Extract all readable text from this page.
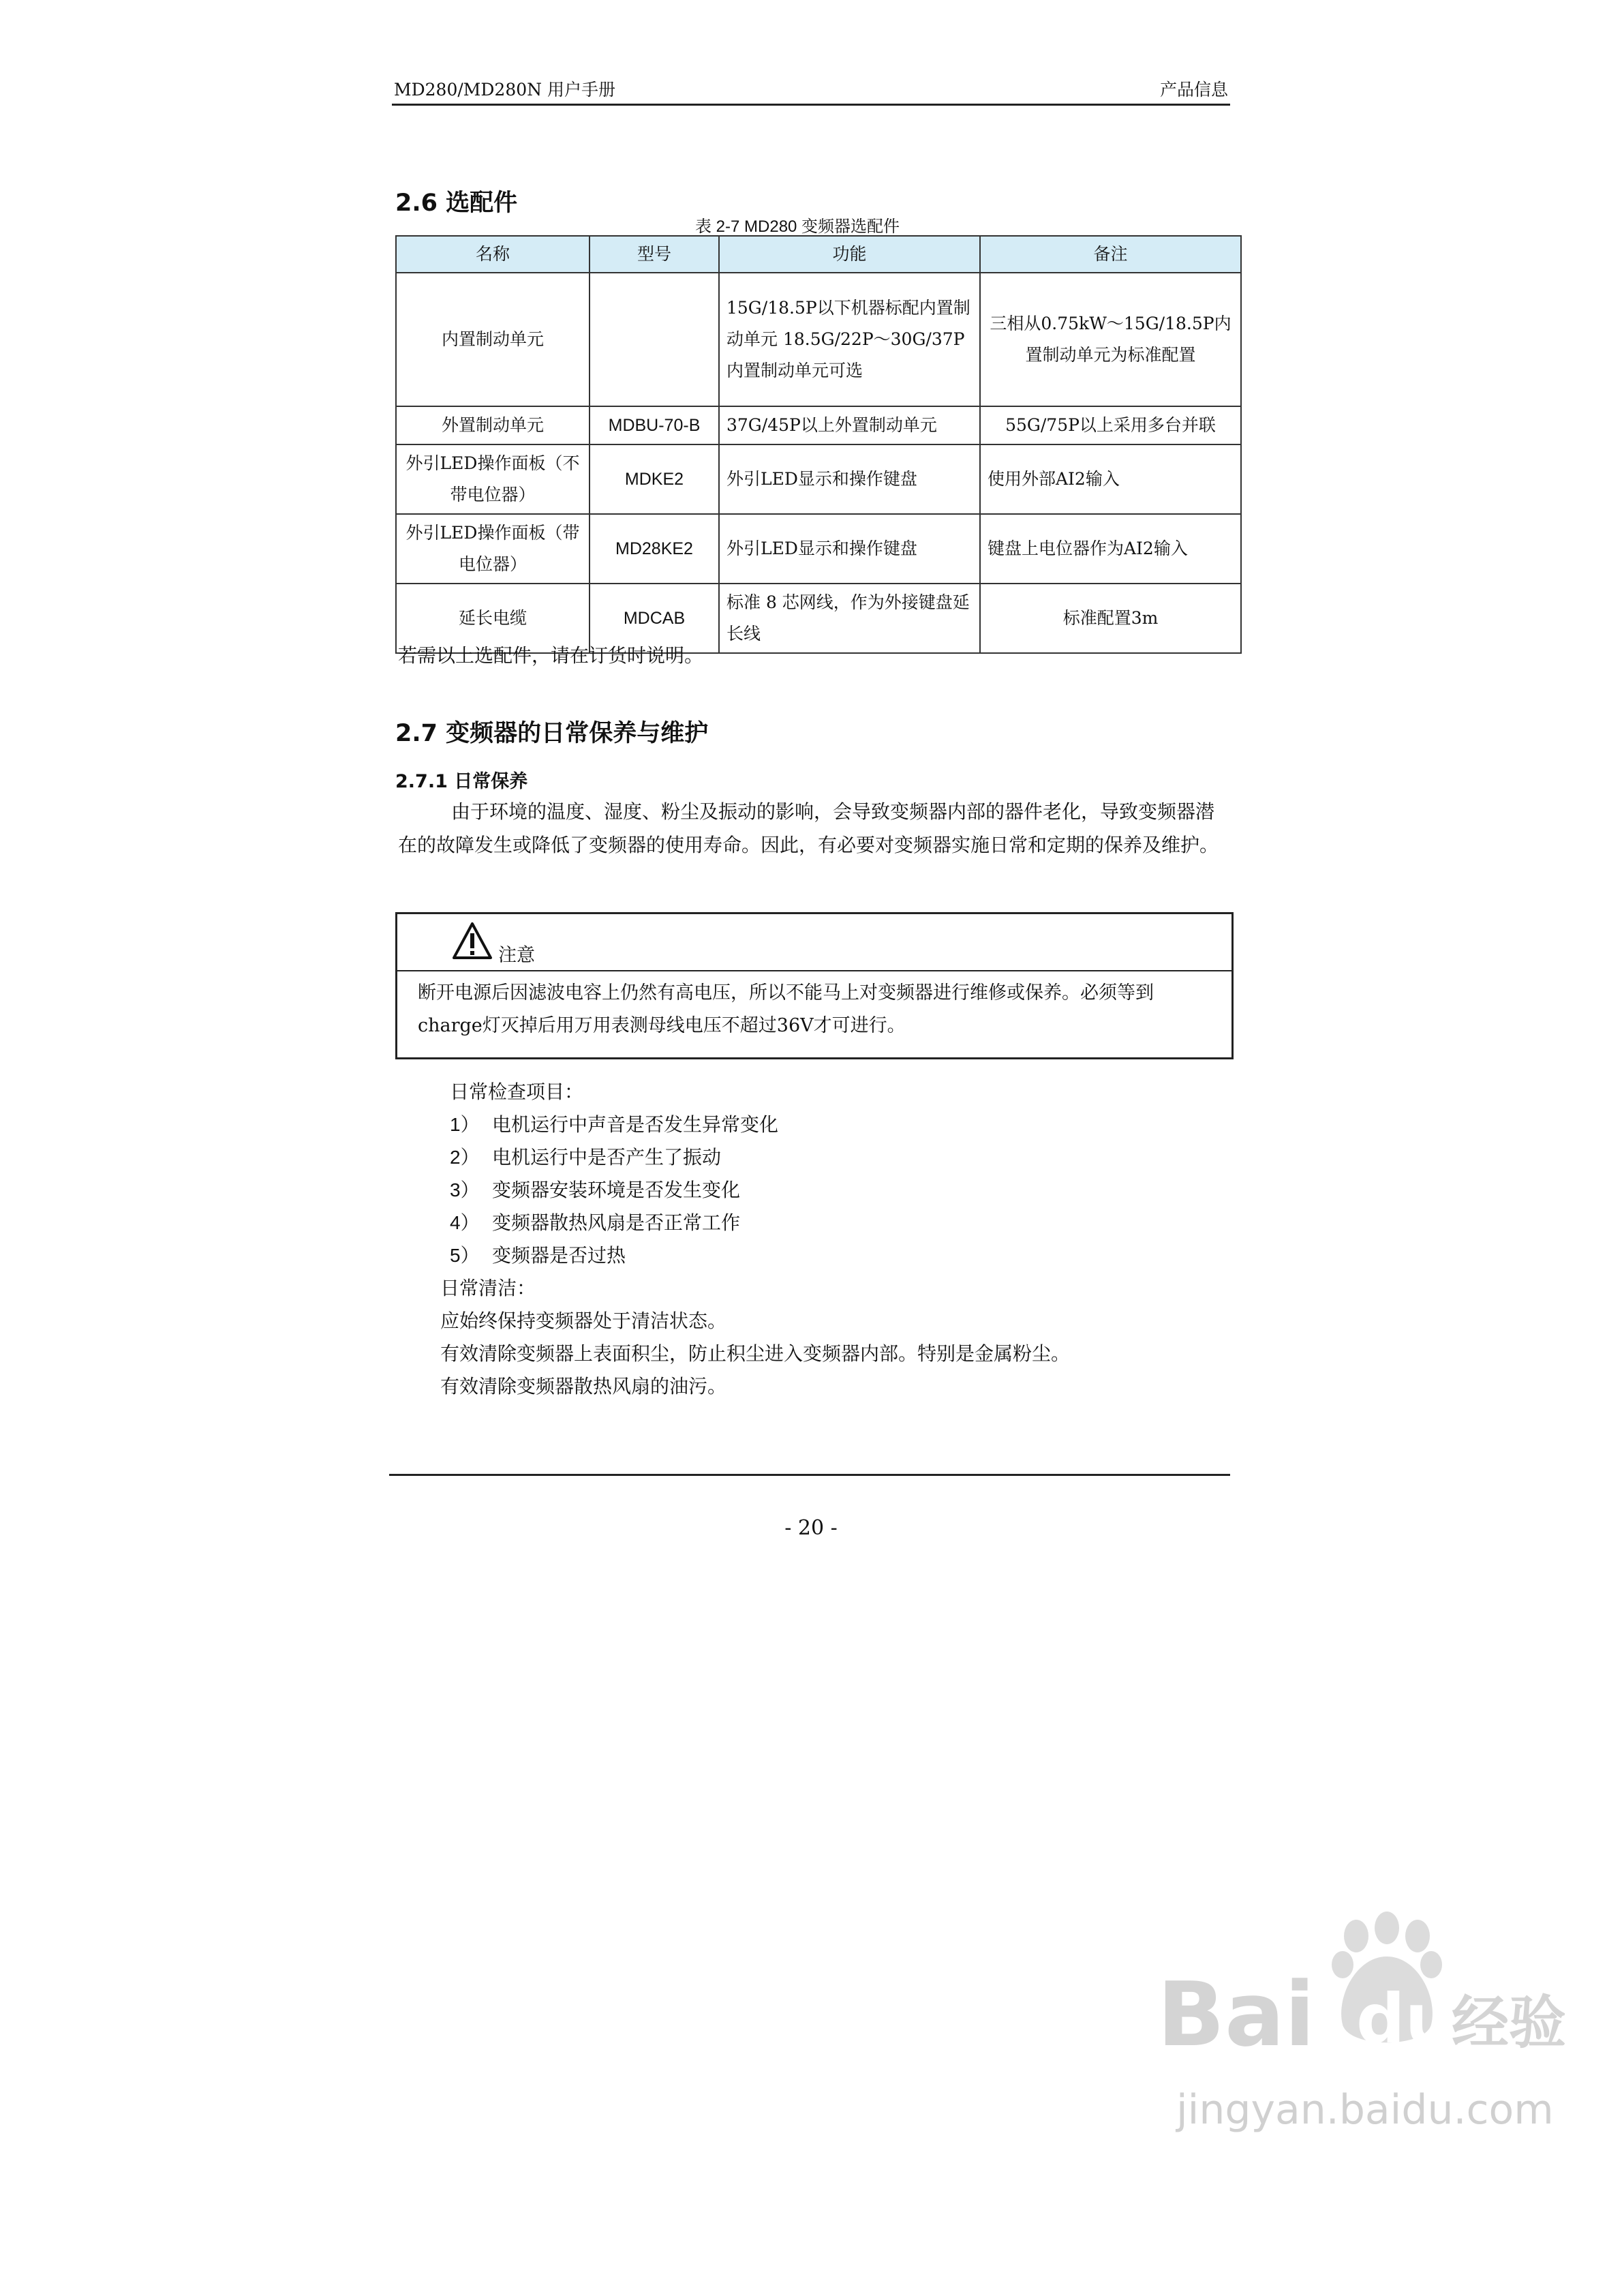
MD280/MD280N 用户手册	产品信息
2.6 选配件
表 2-7 MD280 变频器选配件
名称	型号	功能	备注
内置制动单元		15G/18.5P以下机器标配内置制动单元 18.5G/22P～30G/37P内置制动单元可选	三相从0.75kW～15G/18.5P内置制动单元为标准配置
外置制动单元	MDBU-70-B	37G/45P以上外置制动单元	55G/75P以上采用多台并联
外引LED操作面板（不带电位器）	MDKE2	外引LED显示和操作键盘	使用外部AI2输入
外引LED操作面板（带电位器）	MD28KE2	外引LED显示和操作键盘	键盘上电位器作为AI2输入
延长电缆	MDCAB	标准 8 芯网线，作为外接键盘延长线	标准配置3m
若需以上选配件，请在订货时说明。
2.7 变频器的日常保养与维护
2.7.1 日常保养
由于环境的温度、湿度、粉尘及振动的影响，会导致变频器内部的器件老化，导致变频器潜在的故障发生或降低了变频器的使用寿命。因此，有必要对变频器实施日常和定期的保养及维护。
注意
断开电源后因滤波电容上仍然有高电压，所以不能马上对变频器进行维修或保养。必须等到charge灯灭掉后用万用表测母线电压不超过36V才可进行。
日常检查项目：
1） 电机运行中声音是否发生异常变化
2） 电机运行中是否产生了振动
3） 变频器安装环境是否发生变化
4） 变频器散热风扇是否正常工作
5） 变频器是否过热
日常清洁：
应始终保持变频器处于清洁状态。
有效清除变频器上表面积尘，防止积尘进入变频器内部。特别是金属粉尘。
有效清除变频器散热风扇的油污。
- 20 -
Bai du
经验
jingyan.baidu.com
